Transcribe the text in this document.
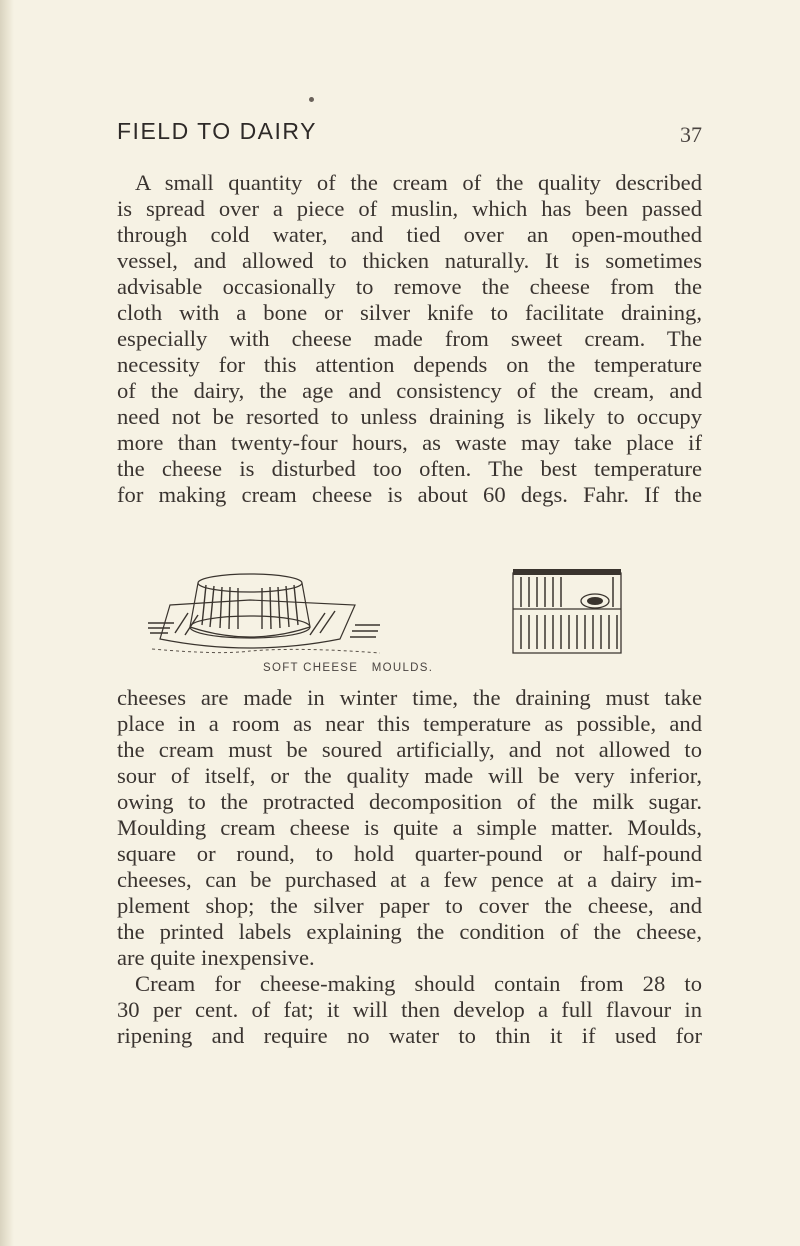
FIELD TO DAIRY	37
A small quantity of the cream of the quality described
is spread over a piece of muslin, which has been passed
through cold water, and tied over an open-mouthed
vessel, and allowed to thicken naturally. It is sometimes
advisable occasionally to remove the cheese from the
cloth with a bone or silver knife to facilitate draining,
especially with cheese made from sweet cream. The
necessity for this attention depends on the temperature
of the dairy, the age and consistency of the cream, and
need not be resorted to unless draining is likely to occupy
more than twenty-four hours, as waste may take place if
the cheese is disturbed too often. The best temperature
for making cream cheese is about 60 degs. Fahr. If the
SOFT CHEESE   MOULDS.
cheeses are made in winter time, the draining must take
place in a room as near this temperature as possible, and
the cream must be soured artificially, and not allowed to
sour of itself, or the quality made will be very inferior,
owing to the protracted decomposition of the milk sugar.
Moulding cream cheese is quite a simple matter. Moulds,
square or round, to hold quarter-pound or half-pound
cheeses, can be purchased at a few pence at a dairy im-
plement shop; the silver paper to cover the cheese, and
the printed labels explaining the condition of the cheese,
are quite inexpensive.
Cream for cheese-making should contain from 28 to
30 per cent. of fat; it will then develop a full flavour in
ripening and require no water to thin it if used for
